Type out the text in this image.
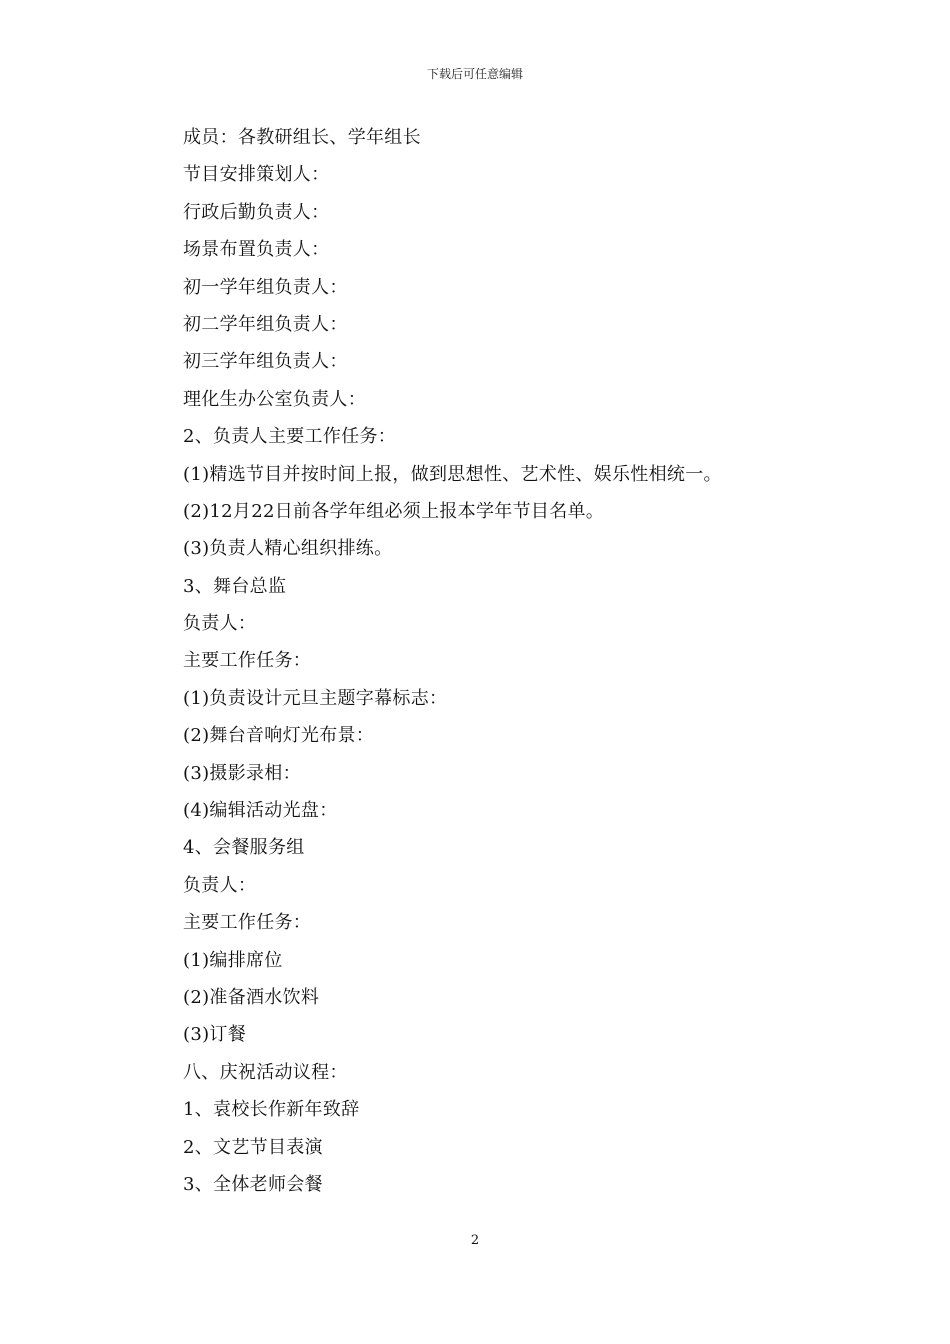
下载后可任意编辑
成员：各教研组长、学年组长
节目安排策划人：
行政后勤负责人：
场景布置负责人：
初一学年组负责人：
初二学年组负责人：
初三学年组负责人：
理化生办公室负责人：
2、负责人主要工作任务：
(1)精选节目并按时间上报，做到思想性、艺术性、娱乐性相统一。
(2)12月22日前各学年组必须上报本学年节目名单。
(3)负责人精心组织排练。
3、舞台总监
负责人：
主要工作任务：
(1)负责设计元旦主题字幕标志：
(2)舞台音响灯光布景：
(3)摄影录相：
(4)编辑活动光盘：
4、会餐服务组
负责人：
主要工作任务：
(1)编排席位
(2)准备酒水饮料
(3)订餐
八、庆祝活动议程：
1、袁校长作新年致辞
2、文艺节目表演
3、全体老师会餐
2
